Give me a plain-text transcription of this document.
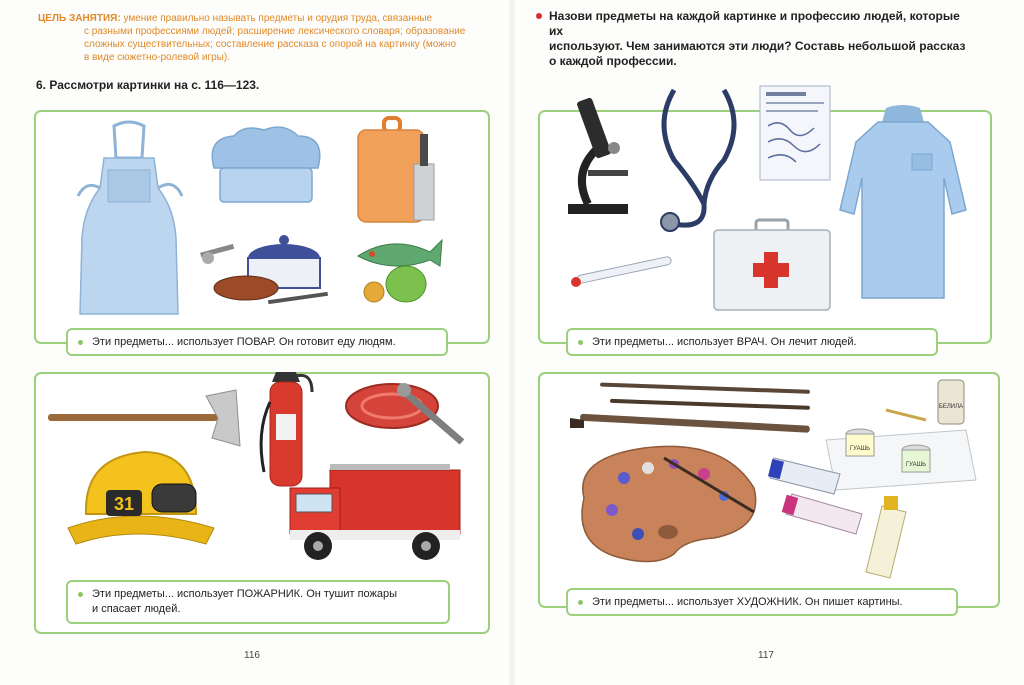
ЦЕЛЬ ЗАНЯТИЯ: умение правильно называть предметы и орудия труда, связанные
с разными профессиями людей; расширение лексического словаря; образование
сложных существительных; составление рассказа с опорой на картинку (можно
в виде сюжетно-ролевой игры).
6. Рассмотри картинки на с. 116—123.
Эти предметы... использует ПОВАР. Он готовит еду людям.
31
Эти предметы... использует ПОЖАРНИК. Он тушит пожары
и спасает людей.
116
Назови предметы на каждой картинке и профессию людей, которые их
используют. Чем занимаются эти люди? Составь небольшой рассказ
о каждой профессии.
Эти предметы... использует ВРАЧ. Он лечит людей.
БЕЛИЛА
ГУАШЬ
ГУАШЬ
Эти предметы... использует ХУДОЖНИК. Он пишет картины.
117
